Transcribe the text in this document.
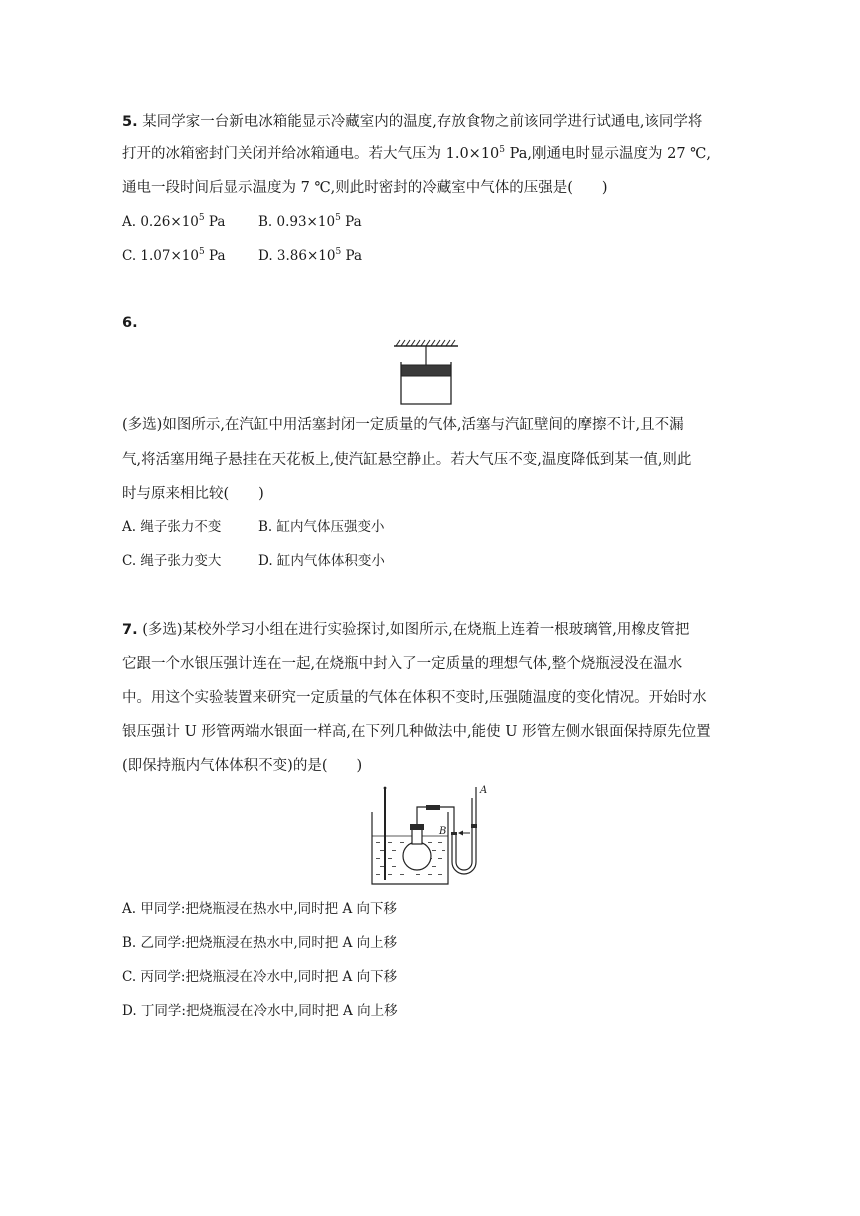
5. 某同学家一台新电冰箱能显示冷藏室内的温度,存放食物之前该同学进行试通电,该同学将
打开的冰箱密封门关闭并给冰箱通电。若大气压为 $1.0\times 10^5$ Pa,刚通电时显示温度为 27 ℃,
通电一段时间后显示温度为 7 ℃,则此时密封的冷藏室中气体的压强是(　　)
A. $0.26\times 10^5$ Pa B. $0.93\times 10^5$ Pa
C. $1.07\times 10^5$ Pa D. $3.86\times 10^5$ Pa
6.
(多选)如图所示,在汽缸中用活塞封闭一定质量的气体,活塞与汽缸壁间的摩擦不计,且不漏
气,将活塞用绳子悬挂在天花板上,使汽缸悬空静止。若大气压不变,温度降低到某一值,则此
时与原来相比较(　　)
A. 绳子张力不变	B. 缸内气体压强变小
C. 绳子张力变大	D. 缸内气体体积变小
7. (多选)某校外学习小组在进行实验探讨,如图所示,在烧瓶上连着一根玻璃管,用橡皮管把
它跟一个水银压强计连在一起,在烧瓶中封入了一定质量的理想气体,整个烧瓶浸没在温水
中。用这个实验装置来研究一定质量的气体在体积不变时,压强随温度的变化情况。开始时水
银压强计 U 形管两端水银面一样高,在下列几种做法中,能使 U 形管左侧水银面保持原先位置
(即保持瓶内气体体积不变)的是(　　)
A
B
A. 甲同学:把烧瓶浸在热水中,同时把 A 向下移
B. 乙同学:把烧瓶浸在热水中,同时把 A 向上移
C. 丙同学:把烧瓶浸在冷水中,同时把 A 向下移
D. 丁同学:把烧瓶浸在冷水中,同时把 A 向上移
